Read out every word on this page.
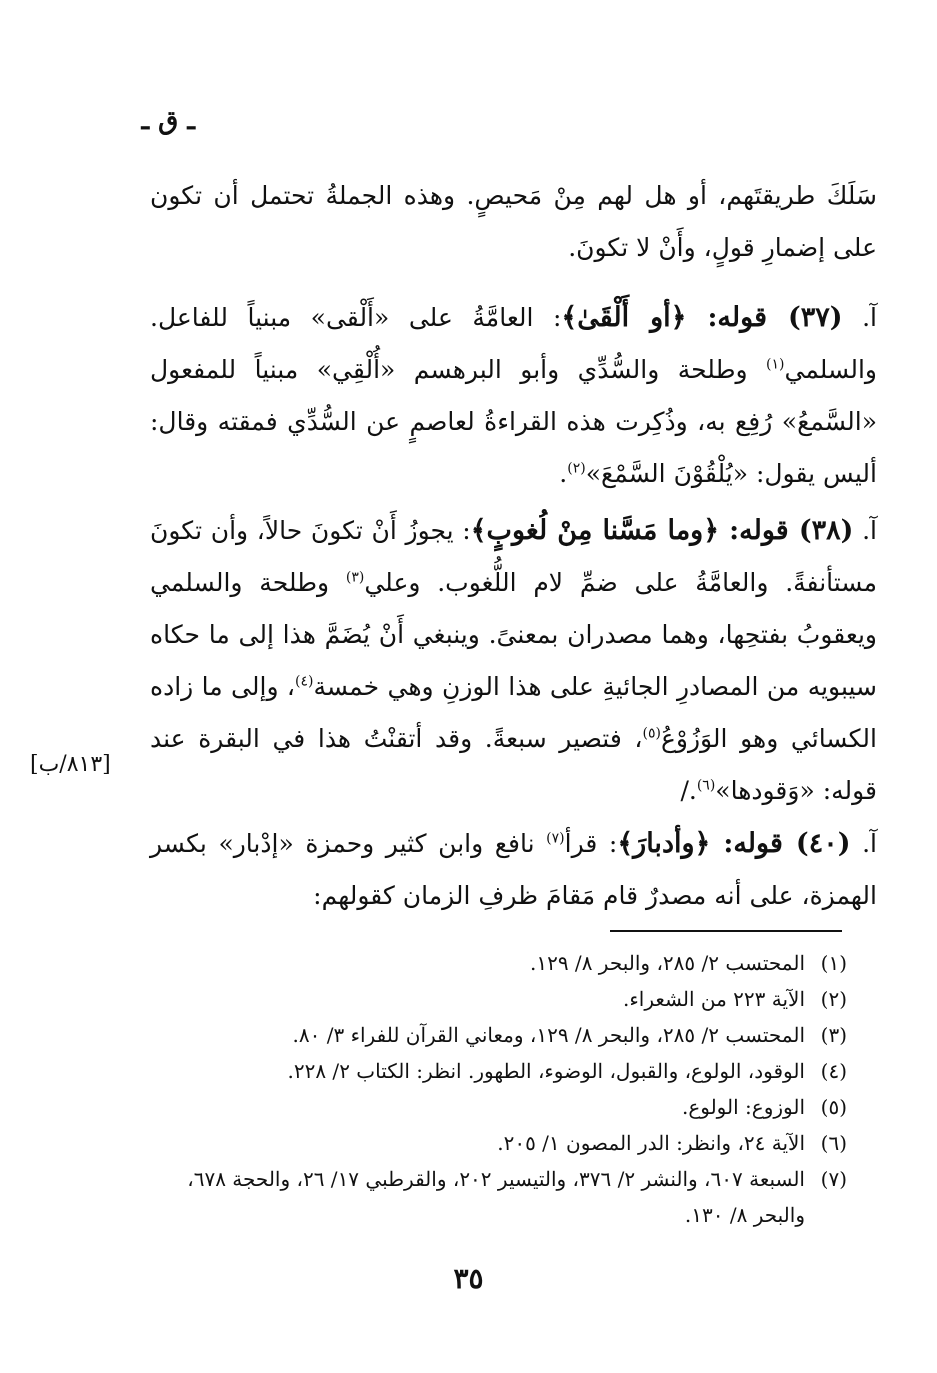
ـ ق ـ

سَلَكَ طريقتَهم، أو هل لهم مِنْ مَحيصٍ. وهذه الجملةُ تحتمل أن تكون على إضمارِ قولٍ، وأَنْ لا تكونَ.

آ. (٣٧) قوله: ﴿أو أَلْقَىٰ﴾: العامَّةُ على «أَلْقى» مبنياً للفاعل. والسلمي$^{(١)}$ وطلحة والسُّدِّي وأبو البرهسم «أُلْقِي» مبنياً للمفعول «السَّمعُ» رُفِع به، وذُكِرت هذه القراءةُ لعاصمٍ عن السُّدِّي فمقته وقال: أليس يقول: «يُلْقُوْنَ السَّمْعَ»$^{(٢)}$.

آ. (٣٨) قوله: ﴿وما مَسَّنا مِنْ لُغوبٍ﴾: يجوزُ أَنْ تكونَ حالاً، وأن تكونَ مستأنفةً. والعامَّةُ على ضمِّ لام اللُّغوب. وعلي$^{(٣)}$ وطلحة والسلمي ويعقوبُ بفتحِها، وهما مصدران بمعنىً. وينبغي أَنْ يُضَمَّ هذا إلى ما حكاه سيبويه من المصادرِ الجائيةِ على هذا الوزنِ وهي خمسة$^{(٤)}$، وإلى ما زاده الكسائي وهو الوَزُوْعُ$^{(٥)}$، فتصير سبعةً. وقد أتقنْتُ هذا في البقرة عند قوله: «وَقودها»$^{(٦)}$./

[٨١٣/ب]

آ. (٤٠) قوله: ﴿وأدبارَ﴾: قرأ$^{(٧)}$ نافع وابن كثير وحمزة «إدْبار» بكسر الهمزة، على أنه مصدرٌ قام مَقامَ ظرفِ الزمان كقولهم:

(١)
المحتسب ٢/ ٢٨٥، والبحر ٨/ ١٢٩.
(٢)
الآية ٢٢٣ من الشعراء.
(٣)
المحتسب ٢/ ٢٨٥، والبحر ٨/ ١٢٩، ومعاني القرآن للفراء ٣/ ٨٠.
(٤)
الوقود، الولوع، والقبول، الوضوء، الطهور. انظر: الكتاب ٢/ ٢٢٨.
(٥)
الوزوع: الولوع.
(٦)
الآية ٢٤، وانظر: الدر المصون ١/ ٢٠٥.
(٧)
السبعة ٦٠٧، والنشر ٢/ ٣٧٦، والتيسير ٢٠٢، والقرطبي ١٧/ ٢٦، والحجة ٦٧٨، والبحر ٨/ ١٣٠.
٣٥
